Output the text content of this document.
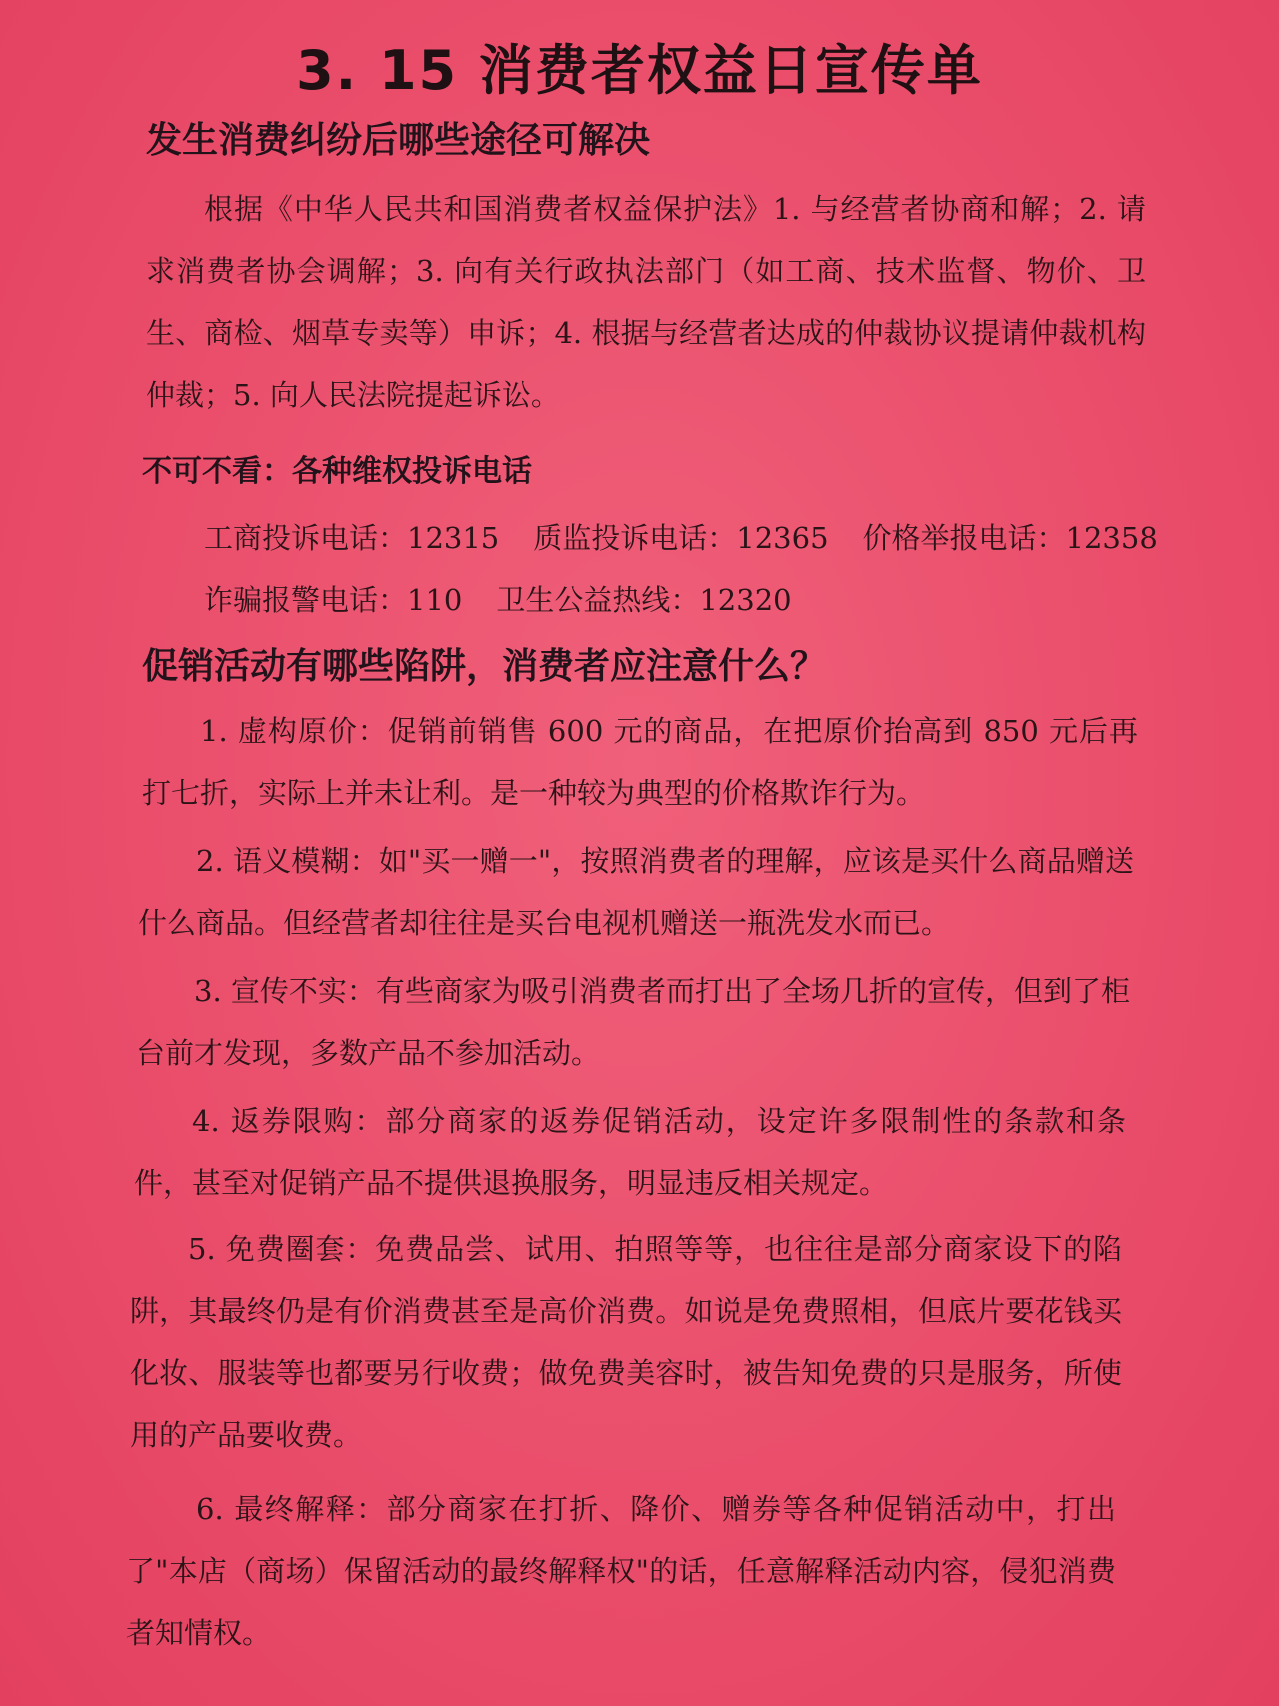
3. 15 消费者权益日宣传单
发生消费纠纷后哪些途径可解决
根据《中华人民共和国消费者权益保护法》1. 与经营者协商和解；2. 请求消费者协会调解；3. 向有关行政执法部门（如工商、技术监督、物价、卫生、商检、烟草专卖等）申诉；4. 根据与经营者达成的仲裁协议提请仲裁机构仲裁；5. 向人民法院提起诉讼。
不可不看：各种维权投诉电话
工商投诉电话：12315 质监投诉电话：12365 价格举报电话：12358
诈骗报警电话：110 卫生公益热线：12320
促销活动有哪些陷阱，消费者应注意什么？
1. 虚构原价：促销前销售 600 元的商品，在把原价抬高到 850 元后再打七折，实际上并未让利。是一种较为典型的价格欺诈行为。
2. 语义模糊：如"买一赠一"，按照消费者的理解，应该是买什么商品赠送什么商品。但经营者却往往是买台电视机赠送一瓶洗发水而已。
3. 宣传不实：有些商家为吸引消费者而打出了全场几折的宣传，但到了柜台前才发现，多数产品不参加活动。
4. 返券限购：部分商家的返券促销活动，设定许多限制性的条款和条件，甚至对促销产品不提供退换服务，明显违反相关规定。
5. 免费圈套：免费品尝、试用、拍照等等，也往往是部分商家设下的陷阱，其最终仍是有价消费甚至是高价消费。如说是免费照相，但底片要花钱买化妆、服装等也都要另行收费；做免费美容时，被告知免费的只是服务，所使用的产品要收费。
6. 最终解释：部分商家在打折、降价、赠券等各种促销活动中，打出了"本店（商场）保留活动的最终解释权"的话，任意解释活动内容，侵犯消费者知情权。
